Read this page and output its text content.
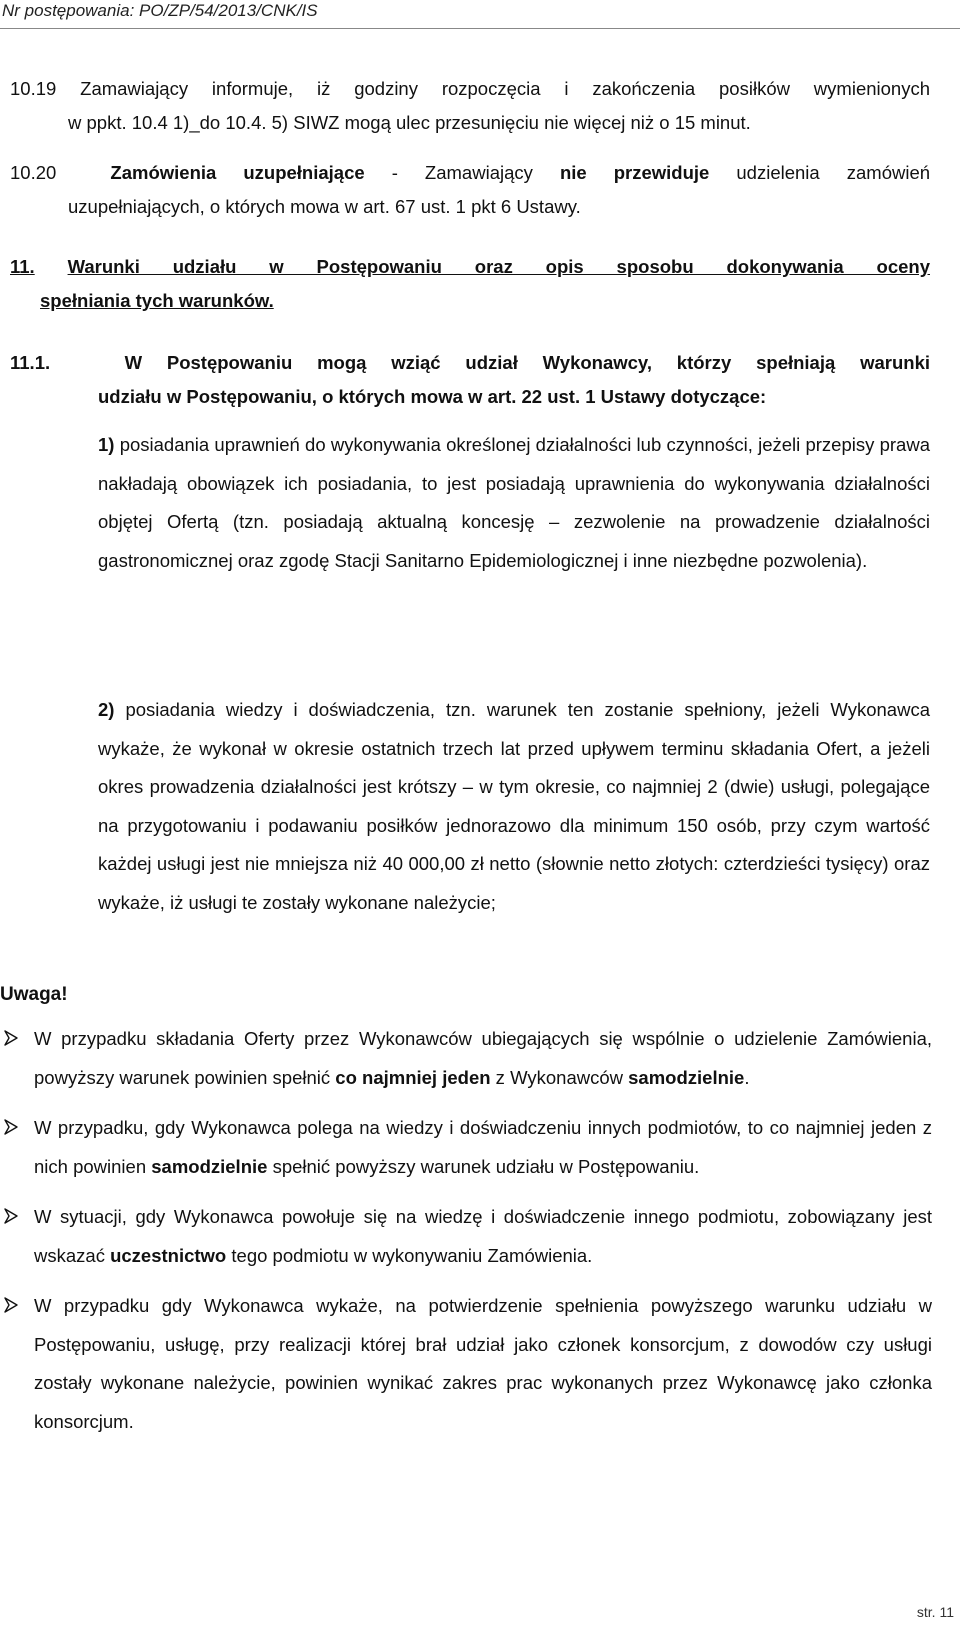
Nr postępowania: PO/ZP/54/2013/CNK/IS
10.19 Zamawiający informuje, iż godziny rozpoczęcia i zakończenia posiłków wymienionych
w ppkt. 10.4 1)_do 10.4. 5) SIWZ mogą ulec przesunięciu nie więcej niż o 15 minut.
10.20	Zamówienia uzupełniające - Zamawiający nie przewiduje udzielenia zamówień
uzupełniających, o których mowa w art. 67 ust. 1 pkt 6 Ustawy.
11. Warunki udziału w Postępowaniu oraz opis sposobu dokonywania oceny
spełniania tych warunków.
11.1.	W Postępowaniu mogą wziąć udział Wykonawcy, którzy spełniają warunki
udziału w Postępowaniu, o których mowa w art. 22 ust. 1 Ustawy dotyczące:
1) posiadania uprawnień do wykonywania określonej działalności lub czynności, jeżeli przepisy prawa nakładają obowiązek ich posiadania, to jest posiadają uprawnienia do wykonywania działalności objętej Ofertą (tzn. posiadają aktualną koncesję – zezwolenie na prowadzenie działalności gastronomicznej oraz zgodę Stacji Sanitarno Epidemiologicznej i inne niezbędne pozwolenia).
2) posiadania wiedzy i doświadczenia, tzn. warunek ten zostanie spełniony, jeżeli Wykonawca wykaże, że wykonał w okresie ostatnich trzech lat przed upływem terminu składania Ofert, a jeżeli okres prowadzenia działalności jest krótszy – w tym okresie, co najmniej 2 (dwie) usługi, polegające na przygotowaniu i podawaniu posiłków jednorazowo dla minimum 150 osób, przy czym wartość każdej usługi jest nie mniejsza niż 40 000,00 zł netto (słownie netto złotych: czterdzieści tysięcy) oraz wykaże, iż usługi te zostały wykonane należycie;
Uwaga!
W przypadku składania Oferty przez Wykonawców ubiegających się wspólnie o udzielenie Zamówienia, powyższy warunek powinien spełnić co najmniej jeden z Wykonawców samodzielnie.
W przypadku, gdy Wykonawca polega na wiedzy i doświadczeniu innych podmiotów, to co najmniej jeden z nich powinien samodzielnie spełnić powyższy warunek udziału w Postępowaniu.
W sytuacji, gdy Wykonawca powołuje się na wiedzę i doświadczenie innego podmiotu, zobowiązany jest wskazać uczestnictwo tego podmiotu w wykonywaniu Zamówienia.
W przypadku gdy Wykonawca wykaże, na potwierdzenie spełnienia powyższego warunku udziału w Postępowaniu, usługę, przy realizacji której brał udział jako członek konsorcjum, z dowodów czy usługi zostały wykonane należycie, powinien wynikać zakres prac wykonanych przez Wykonawcę jako członka konsorcjum.
str. 11
